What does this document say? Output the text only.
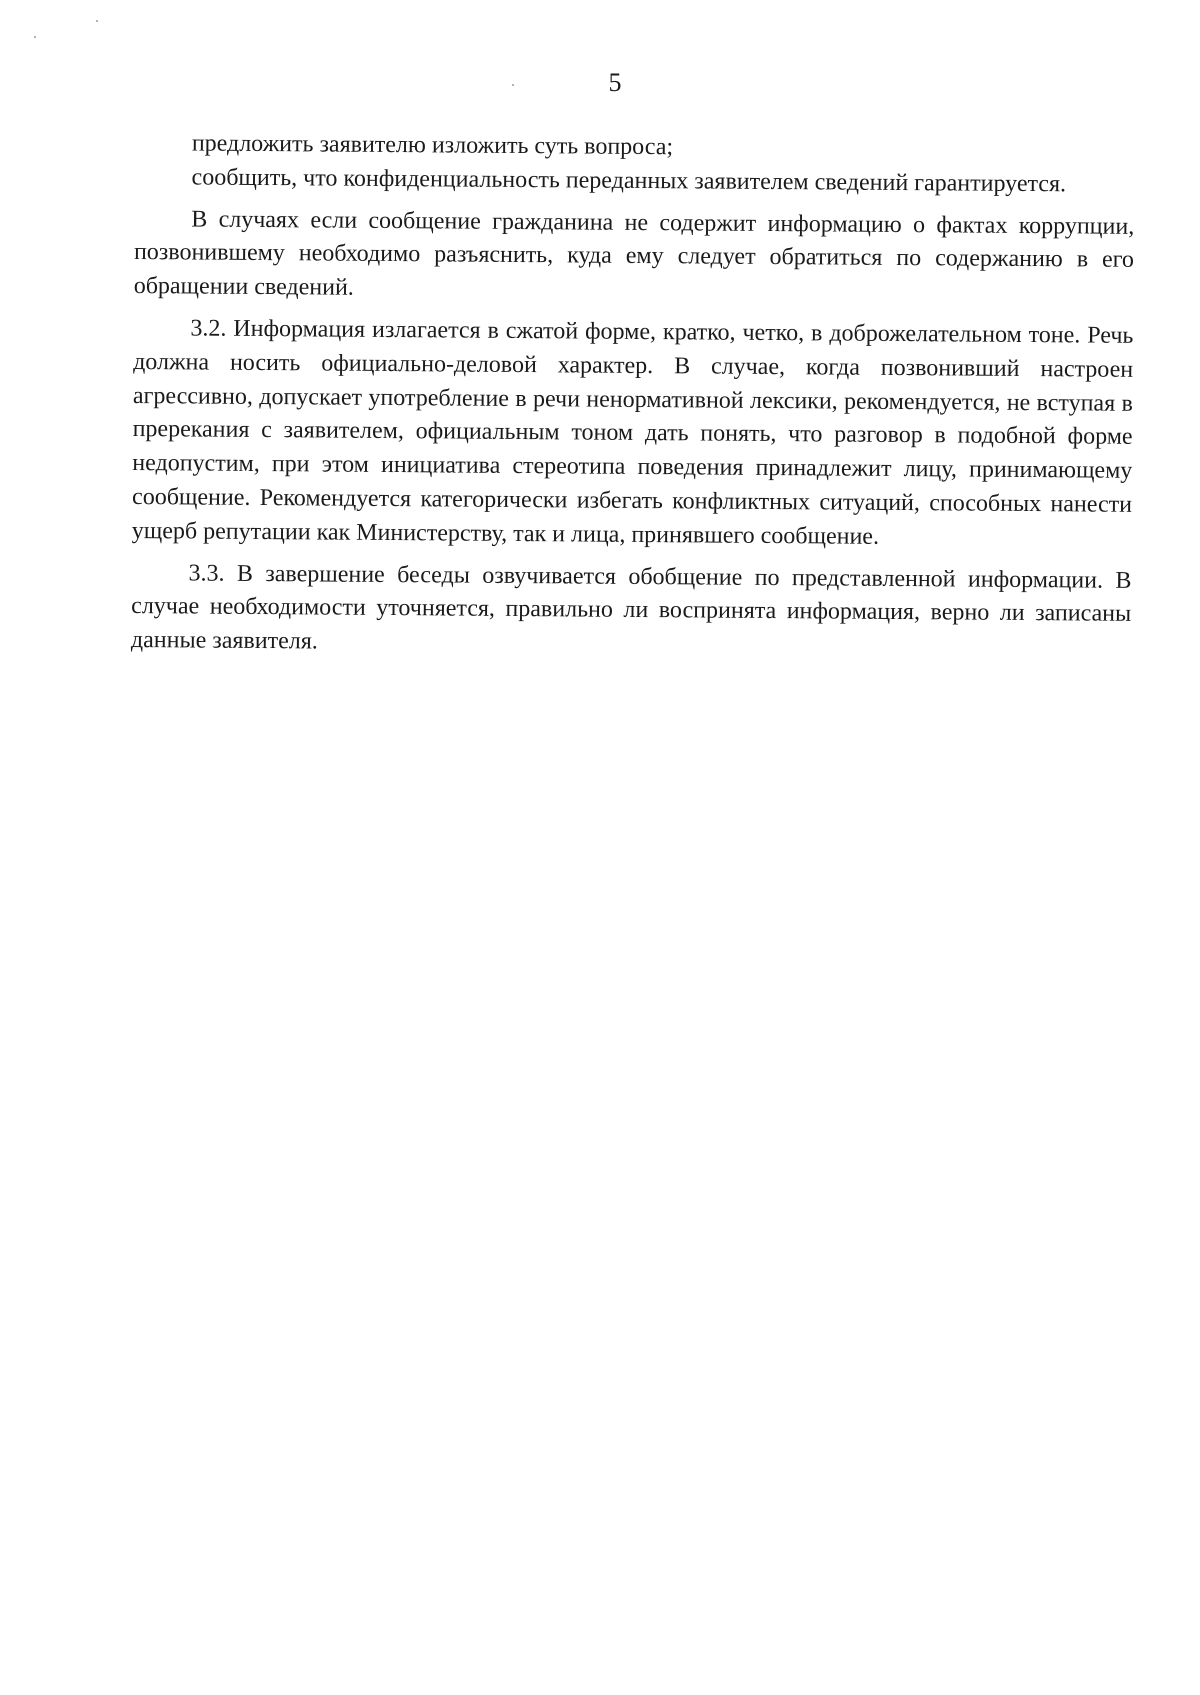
5

предложить заявителю изложить суть вопроса;

сообщить, что конфиденциальность переданных заявителем сведений гарантируется.

В случаях если сообщение гражданина не содержит информацию о фактах коррупции, позвонившему необходимо разъяснить, куда ему следует обратиться по содержанию в его обращении сведений.

3.2. Информация излагается в сжатой форме, кратко, четко, в доброжелательном тоне. Речь должна носить официально-деловой характер. В случае, когда позвонивший настроен агрессивно, допускает употребление в речи ненормативной лексики, рекомендуется, не вступая в пререкания с заявителем, официальным тоном дать понять, что разговор в подобной форме недопустим, при этом инициатива стереотипа поведения принадлежит лицу, принимающему сообщение. Рекомендуется категорически избегать конфликтных ситуаций, способных нанести ущерб репутации как Министерству, так и лица, принявшего сообщение.

3.3. В завершение беседы озвучивается обобщение по представленной информации. В случае необходимости уточняется, правильно ли воспринята информация, верно ли записаны данные заявителя.
